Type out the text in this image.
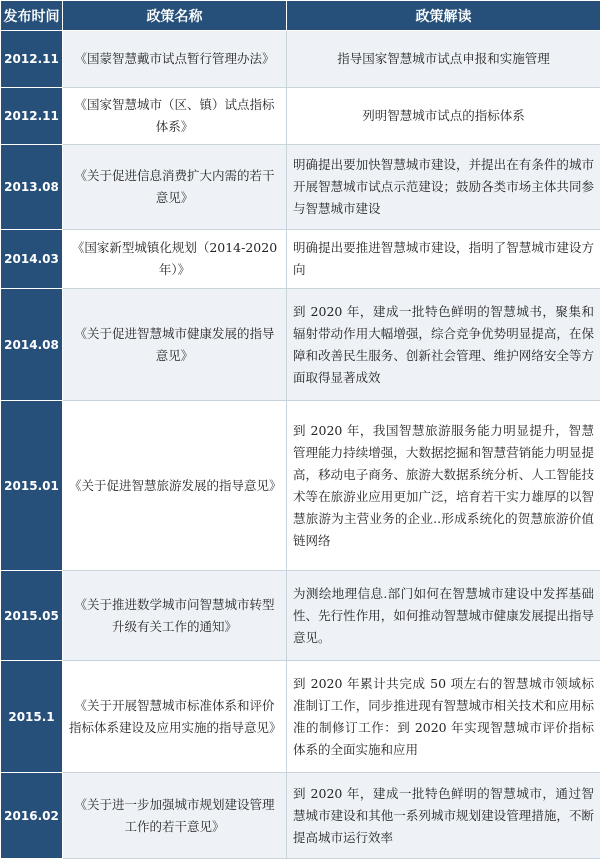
发布时间	政策名称	政策解读
2012.11	《国蒙智慧戴市试点暂行管理办法》	指导国家智慧城市试点申报和实施管理
2012.11	《国家智慧城市（区、镇）试点指标体系》	列明智慧城市试点的指标体系
2013.08	《关于促进信息消费扩大内需的若干意见》	明确提出要加快智慧城市建设，并提出在有条件的城市开展智慧城市试点示范建设；鼓励各类市场主体共同参与智慧城市建设
2014.03	《国家新型城镇化规划（2014-2020年）》	明确提出要推进智慧城市建设，指明了智慧城市建设方向
2014.08	《关于促进智慧城市健康发展的指导意见》	到 2020 年，建成一批特色鲜明的智慧城书，聚集和辐射带动作用大幅增强，综合竞争优势明显提高，在保障和改善民生服务、创新社会管理、维护网络安全等方面取得显著成效
2015.01	《关于促进智慧旅游发展的指导意见》	到 2020 年，我国智慧旅游服务能力明显提升，智慧管理能力持续增强，大数据挖掘和智慧营销能力明显提高，移动电子商务、旅游大数据系统分析、人工智能技术等在旅游业应用更加广泛，培育若干实力雄厚的以智慧旅游为主营业务的企业..形成系统化的贺慧旅游价值链网络
2015.05	《关于推进数学城市问智慧城市转型升级有关工作的通知》	为测绘地理信息.部门如何在智慧城市建设中发挥基础性、先行性作用，如何推动智慧城市健康发展提出指导意见。
2015.1	《关于开展智慧城市标准体系和评价指标体系建设及应用实施的指导意见》	到 2020 年累计共完成 50 项左右的智慧城市领域标准制订工作，同步推进现有智慧城市相关技术和应用标准的制修订工作：到 2020 年实现智慧城市评价指标体系的全面实施和应用
2016.02	《关于进一步加强城市规划建设管理工作的若干意见》	到 2020 年，建成一批特色鲜明的智慧城市，通过智慧城市建设和其他一系列城市规划建设管理措施，不断提高城市运行效率
